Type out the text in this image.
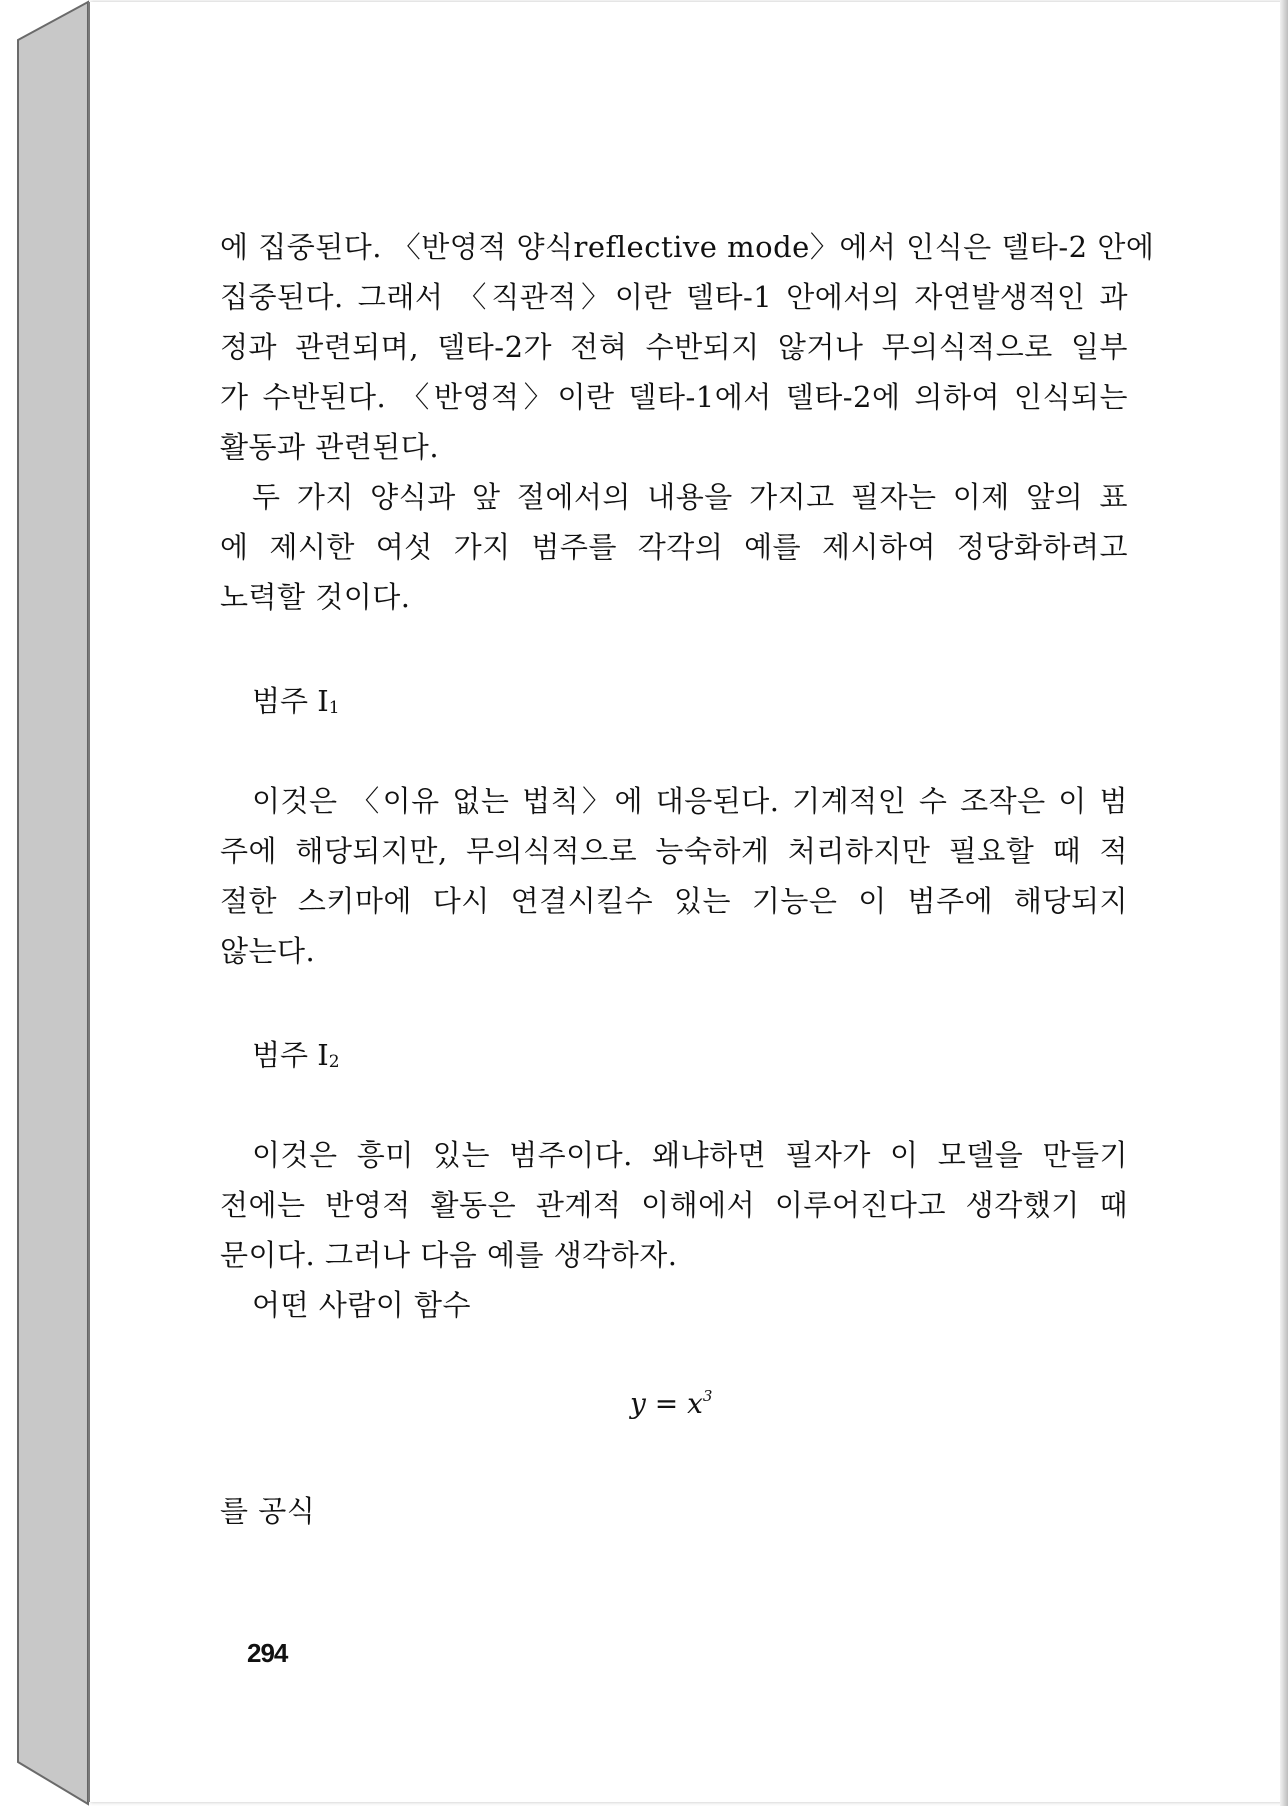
에 집중된다. 〈반영적 양식reflective mode〉에서 인식은 델타-2 안에
집중된다. 그래서 〈직관적〉이란 델타-1 안에서의 자연발생적인 과
정과 관련되며, 델타-2가 전혀 수반되지 않거나 무의식적으로 일부
가 수반된다. 〈반영적〉이란 델타-1에서 델타-2에 의하여 인식되는
활동과 관련된다.
두 가지 양식과 앞 절에서의 내용을 가지고 필자는 이제 앞의 표
에 제시한 여섯 가지 범주를 각각의 예를 제시하여 정당화하려고
노력할 것이다.
범주 $I_1$
이것은 〈이유 없는 법칙〉에 대응된다. 기계적인 수 조작은 이 범
주에 해당되지만, 무의식적으로 능숙하게 처리하지만 필요할 때 적
절한 스키마에 다시 연결시킬수 있는 기능은 이 범주에 해당되지
않는다.
범주 $I_2$
이것은 흥미 있는 범주이다. 왜냐하면 필자가 이 모델을 만들기
전에는 반영적 활동은 관계적 이해에서 이루어진다고 생각했기 때
문이다. 그러나 다음 예를 생각하자.
어떤 사람이 함수
$y = x^3$
를 공식
294
